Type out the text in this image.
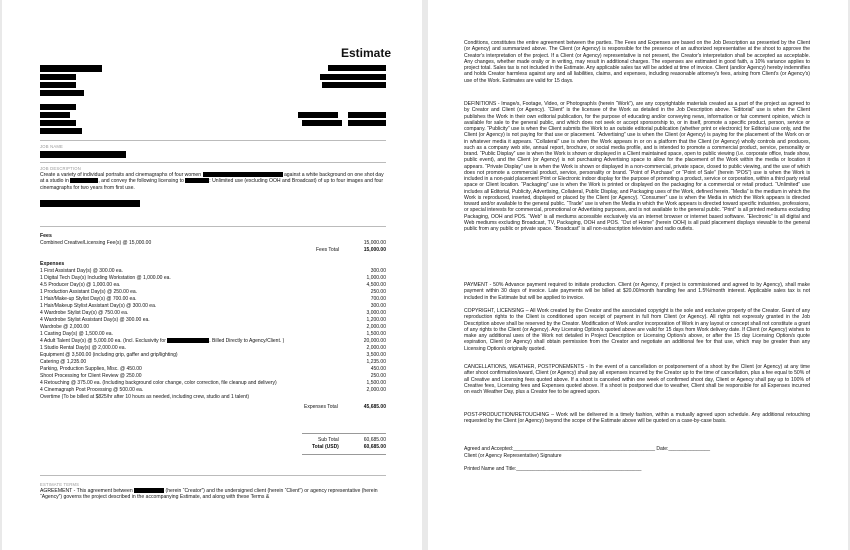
Estimate
JOB NAME
JOB DESCRIPTION
Create a variety of individual portraits and cinemagraphs of four women	against a white background on one shot day at a studio in	, and convey the following licensing to	: Unlimited use (excluding OOH and Broadcast) of up to four images and four cinemagraphs for two years from first use.
Fees
Combined Creative/Licensing Fee(s) @ 15,000.00	15,000.00
Fees Total	15,000.00
Expenses
1 First Assistant Day(s) @ 300.00 ea.	300.00
1 Digital Tech Day(s) Including Workstation @ 1,000.00 ea.	1,000.00
4.5 Producer Day(s) @ 1,000.00 ea.	4,500.00
1 Production Assistant Day(s) @ 250.00 ea.	250.00
1 Hair/Make-up Stylist Day(s) @ 700.00 ea.	700.00
1 Hair/Makeup Stylist Assistant Day(s) @ 300.00 ea.	300.00
4 Wardrobe Stylist Day(s) @ 750.00 ea.	3,000.00
4 Wardrobe Stylist Assistant Day(s) @ 300.00 ea.	1,200.00
Wardrobe @ 2,000.00	2,000.00
1 Casting Day(s) @ 1,500.00 ea.	1,500.00
4 Adult Talent Day(s) @ 5,000.00 ea. (Incl. Exclusivity for	. Billed Directly to Agency/Client. )	20,000.00
1 Studio Rental Day(s) @ 2,000.00 ea.	2,000.00
Equipment @ 3,500.00 (including grip, gaffer and grip/lighting)	3,500.00
Catering @ 1,235.00	1,235.00
Parking, Production Supplies, Misc. @ 450.00	450.00
Shoot Processing for Client Review @ 250.00	250.00
4 Retouching @ 375.00 ea. (Including background color change, color correction, file cleanup and delivery)	1,500.00
4 Cinemagraph Post Processing @ 500.00 ea.	2,000.00
Overtime (To be billed at $825/hr after 10 hours as needed, including crew, studio and 1 talent)
Expenses Total	45,685.00
Sub Total	60,685.00
Total (USD)	60,685.00
ESTIMATE TERMS
AGREEMENT - This agreement between	(herein “Creator”) and the undersigned client (herein “Client”) or agency representative (herein “Agency”) governs the project described in the accompanying Estimate, and along with these Terms &
Conditions, constitutes the entire agreement between the parties. The Fees and Expenses are based on the Job Description as presented by the Client (or Agency) and summarized above. The Client (or Agency) is responsible for the presence of an authorized representative at the shoot to approve the Creator's interpretation of the project. If a Client (or Agency) representative is not present, the Creator's interpretation shall be accepted as acceptable. Any changes, whether made orally or in writing, may result in additional charges. The expenses are estimated in good faith, a 10% variance applies to project total. Sales tax is not included in the Estimate. Any applicable sales tax will be added at time of invoice. Client (and/or Agency) hereby indemnifies and holds Creator harmless against any and all liabilities, claims, and expenses, including reasonable attorney's fees, arising from Client's (or Agency's) use of the Work. Estimates are valid for 15 days.
DEFINITIONS - Image/s, Footage, Video, or Photograph/s (herein “Work”), are any copyrightable materials created as a part of the project as agreed to by Creator and Client (or Agency). “Client” is the licensee of the Work as detailed in the Job Description above. “Editorial” use is when the Client publishes the Work in their own editorial publication, for the purpose of educating and/or conveying news, information or fair comment opinion, which is available for sale to the general public, and which does not seek or accept sponsorship to, or in itself, promote a specific product, person, service or company. “Publicity” use is when the Client submits the Work to an outside editorial publication (whether print or electronic) for Editorial use only, and the Client (or Agency) is not paying for that use or placement. “Advertising” use is when the Client (or Agency) is paying for the placement of the Work on or in whatever media it appears. “Collateral” use is when the Work appears in or on a platform that the Client (or Agency) wholly controls and produces, such as a company web site, annual report, brochure, or social media profile, and is intended to promote a commercial product, service, personality or brand. “Public Display” use is when the Work is shown or displayed in a Client maintained space, open to public viewing (i.e. corporate office, trade show, public event), and the Client (or Agency) is not purchasing Advertising space to allow for the placement of the Work within the media or location it appears. “Private Display” use is when the Work is shown or displayed in a non-commercial, private space, closed to public viewing, and the use of which does not promote a commercial product, service, personality or brand. “Point of Purchase” or “Point of Sale” (herein “POS”) use is when the Work is included in a non-paid placement Print or Electronic indoor display for the purpose of promoting a product, service or corporation, within a third party retail space or Client location. “Packaging” use is when the Work is printed or displayed on the packaging for a commercial or retail product. “Unlimited” use includes all Editorial, Publicity, Advertising, Collateral, Public Display, and Packaging uses of the Work, defined herein. “Media” is the medium in which the Work is reproduced, inserted, displayed or placed by the Client (or Agency). “Consumer” use is when the Media in which the Work appears is directed toward and/or available to the general public. “Trade” use is when the Media in which the Work appears is directed toward specific industries, professions, or special interests for commercial, promotional or Advertising purposes, and is not available to the general public. “Print” is all printed mediums excluding Packaging, OOH and POS. “Web” is all mediums accessible exclusively via an internet browser or internet based software. “Electronic” is all digital and Web mediums excluding Broadcast, TV, Packaging, OOH and POS. “Out of Home” (herein OOH) is all paid placement displays viewable to the general public from any public or private space. “Broadcast” is all non-subscription television and radio outlets.
PAYMENT - 50% Advance payment required to initiate production. Client (or Agency, if project is commissioned and agreed to by Agency), shall make payment within 30 days of invoice. Late payments will be billed at $20.00/month handling fee and 1.5%/month interest. Applicable sales tax is not included in the Estimate but will be applied to invoice.
COPYRIGHT, LICENSING – All Work created by the Creator and the associated copyright is the sole and exclusive property of the Creator. Grant of any reproduction rights to the Client is conditioned upon receipt of payment in full from Client (or Agency). All rights not expressly granted in the Job Description above shall be reserved by the Creator. Modification of Work and/or incorporation of Work in any layout or concept shall not constitute a grant of any rights to the Client (or Agency). Any Licensing Option/s quoted above are valid for 15 days from Work delivery date. If Client (or Agency) wishes to make any additional uses of the Work not detailed in Project Description or Licensing Option/s above, or after the 15 day Licensing Option/s quote expiration, Client (or Agency) shall obtain permission from the Creator and negotiate an additional fee for that use, which may be greater than any Licensing Option/s originally quoted.
CANCELLATIONS, WEATHER, POSTPONEMENTS - In the event of a cancellation or postponement of a shoot by the Client (or Agency) at any time after shoot confirmation/award, Client (or Agency) shall pay all expenses incurred by the Creator up to the time of cancellation, plus a fee equal to 50% of all Creative and Licensing fees quoted above. If a shoot is canceled within one week of confirmed shoot day, Client or Agency shall pay up to 100% of Creative fees, Licensing fees and Expenses quoted above. If a shoot is postponed due to weather, Client shall be responsible for all Expenses incurred on each Weather Day, plus a Creator fee to be agreed upon.
POST-PRODUCTION/RETOUCHING – Work will be delivered in a timely fashion, within a mutually agreed upon schedule. Any additional retouching requested by the Client (or Agency) beyond the scope of the Estimate above will be quoted on a case-by-case basis.
Agreed and Accepted:___________________________________________________ Date:_______________
Client (or Agency Representative) Signature
Printed Name and Title:_____________________________________________
